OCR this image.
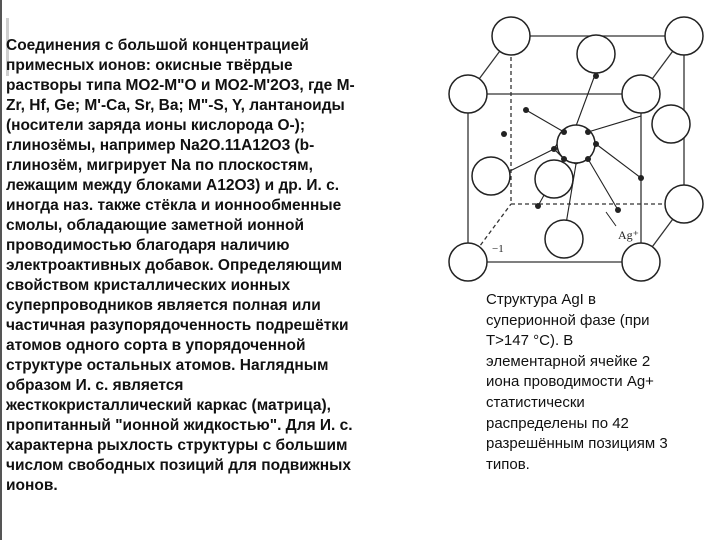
Соединения с большой концентрацией
примесных ионов: окисные твёрдые
растворы типа MO2-M"O и MO2-M'2O3, где M-
Zr, Hf, Ge; M'-Ca, Sr, Ba; M"-S, Y, лантаноиды
(носители заряда ионы кислорода O-);
глинозёмы, например Na2O.11A12O3 (b-
глинозём, мигрирует Na по плоскостям,
лежащим между блоками A12O3) и др. И. с.
иногда наз. также стёкла и ионнообменные
смолы, обладающие заметной ионной
проводимостью благодаря наличию
электроактивных добавок. Определяющим
свойством кристаллических ионных
суперпроводников является полная или
частичная разупорядоченность подрешётки
атомов одного сорта в упорядоченной
структуре остальных атомов. Наглядным
образом И. с. является
жесткокристаллический каркас (матрица),
пропитанный "ионной жидкостью". Для И. с.
характерна рыхлость структуры с большим
числом свободных позиций для подвижных
ионов.
Ag⁺
−1
Структура AgI в
суперионной фазе (при
T>147 °C). В
элементарной ячейке 2
иона проводимости Ag+
статистически
распределены по 42
разрешённым позициям 3
типов.
